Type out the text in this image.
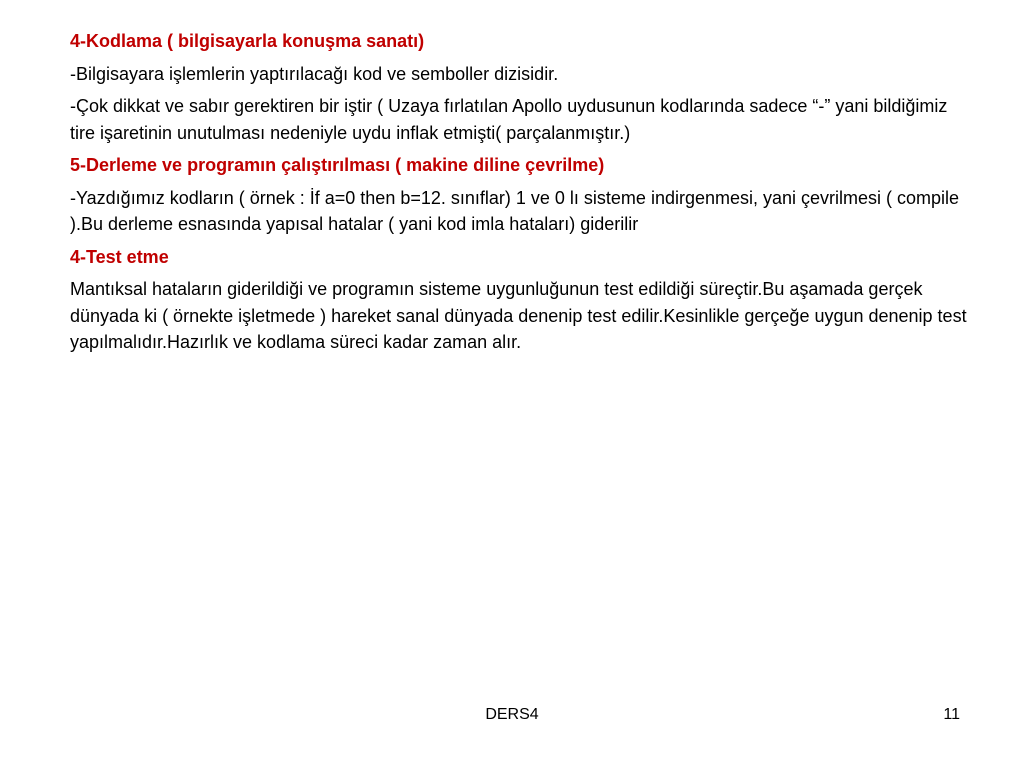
4-Kodlama ( bilgisayarla konuşma sanatı)

-Bilgisayara işlemlerin yaptırılacağı kod ve semboller dizisidir.

-Çok dikkat ve sabır gerektiren bir iştir ( Uzaya fırlatılan Apollo uydusunun kodlarında sadece “-” yani bildiğimiz tire işaretinin unutulması nedeniyle uydu inflak etmişti( parçalanmıştır.)

5-Derleme ve programın çalıştırılması ( makine diline çevrilme)

-Yazdığımız kodların ( örnek : İf a=0 then b=12. sınıflar) 1 ve 0 lı sisteme indirgenmesi, yani çevrilmesi ( compile ).Bu derleme esnasında yapısal hatalar ( yani kod imla hataları) giderilir

4-Test etme

Mantıksal hataların giderildiği ve programın sisteme uygunluğunun test edildiği süreçtir.Bu aşamada gerçek dünyada ki ( örnekte işletmede ) hareket sanal dünyada denenip test edilir.Kesinlikle gerçeğe uygun denenip test yapılmalıdır.Hazırlık ve kodlama süreci kadar zaman alır.

DERS4	11
